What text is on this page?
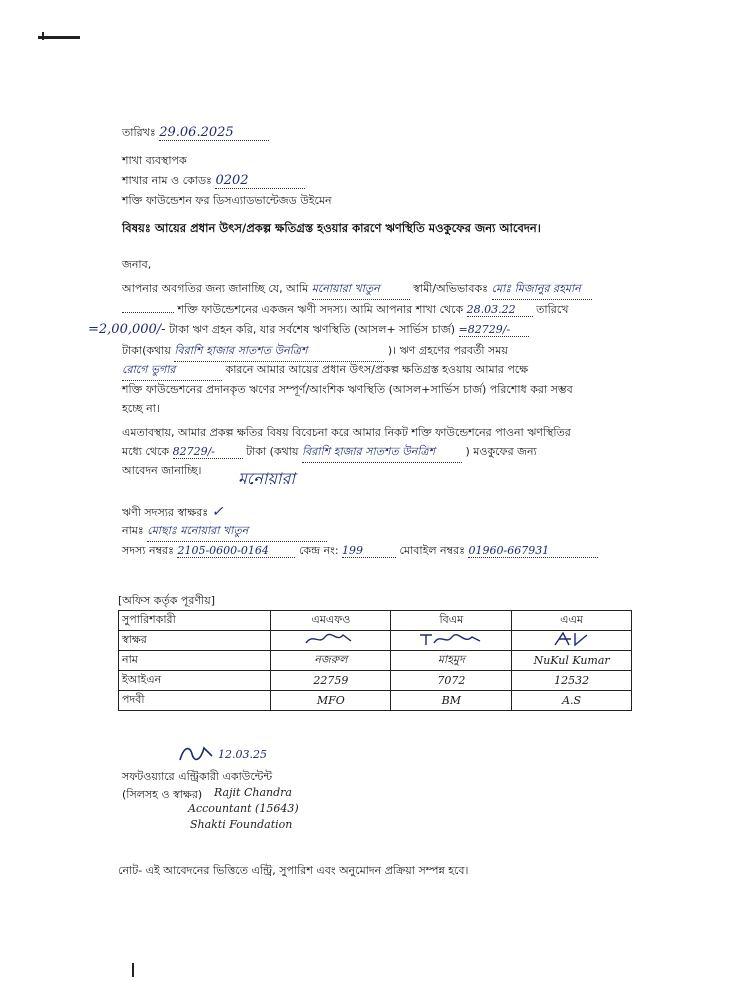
তারিখঃ 29.06.2025
শাখা ব্যবস্থাপক
শাখার নাম ও কোডঃ 0202
শক্তি ফাউন্ডেশন ফর ডিসএ্যাডভান্টেজড উইমেন
বিষয়ঃ আয়ের প্রধান উৎস/প্রকল্প ক্ষতিগ্রস্ত হওয়ার কারণে ঋণস্থিতি মওকুফের জন্য আবেদন।
জনাব,
আপনার অবগতির জন্য জানাচ্ছি যে, আমি মনোয়ারা খাতুন	স্বামী/অভিভাবকঃ মোঃ মিজানুর রহমান
শক্তি ফাউন্ডেশনের একজন ঋণী সদস্য। আমি আপনার শাখা থেকে 28.03.22 তারিখে
=2,00,000/- টাকা ঋণ গ্রহন করি, যার সর্বশেষ ঋণস্থিতি (আসল+ সার্ভিস চার্জ) =82729/-
টাকা(কথায় বিরাশি হাজার সাতশত উনত্রিশ	)। ঋণ গ্রহণের পরবর্তী সময়
রোগে ভুগার	কারনে আমার আয়ের প্রধান উৎস/প্রকল্প ক্ষতিগ্রস্ত হওয়ায় আমার পক্ষে
শক্তি ফাউন্ডেশনের প্রদানকৃত ঋণের সম্পূর্ণ/আংশিক ঋণস্থিতি (আসল+সার্ভিস চার্জ) পরিশোধ করা সম্ভব
হচ্ছে না।
এমতাবস্থায়, আমার প্রকল্প ক্ষতির বিষয় বিবেচনা করে আমার নিকট শক্তি ফাউন্ডেশনের পাওনা ঋণস্থিতির
মধ্যে থেকে 82729/-	টাকা (কথায় বিরাশি হাজার সাতশত উনত্রিশ	) মওকুফের জন্য
আবেদন জানাচ্ছি। মনোয়ারা
ঋণী সদস্যর স্বাক্ষরঃ ✓
নামঃ মোছাঃ মনোয়ারা খাতুন
সদস্য নম্বরঃ 2105-0600-0164	কেন্দ্র নং: 199	মোবাইল নম্বরঃ 01960-667931
[অফিস কর্তৃক পূরণীয়]
সুপারিশকারী	এমএফও	বিএম	এএম
স্বাক্ষর			
নাম	নজরুল	মাহমুদ	NuKul Kumar
ইআইএন	22759	7072	12532
পদবী	MFO	BM	A.S
12.03.25
সফটওয়্যারে এন্ট্রিকারী একাউন্টেন্ট
(সিলসহ ও স্বাক্ষর) Rajit Chandra
Accountant (15643)
Shakti Foundation
নোট- এই আবেদনের ভিত্তিতে এন্ট্রি, সুপারিশ এবং অনুমোদন প্রক্রিয়া সম্পন্ন হবে।
